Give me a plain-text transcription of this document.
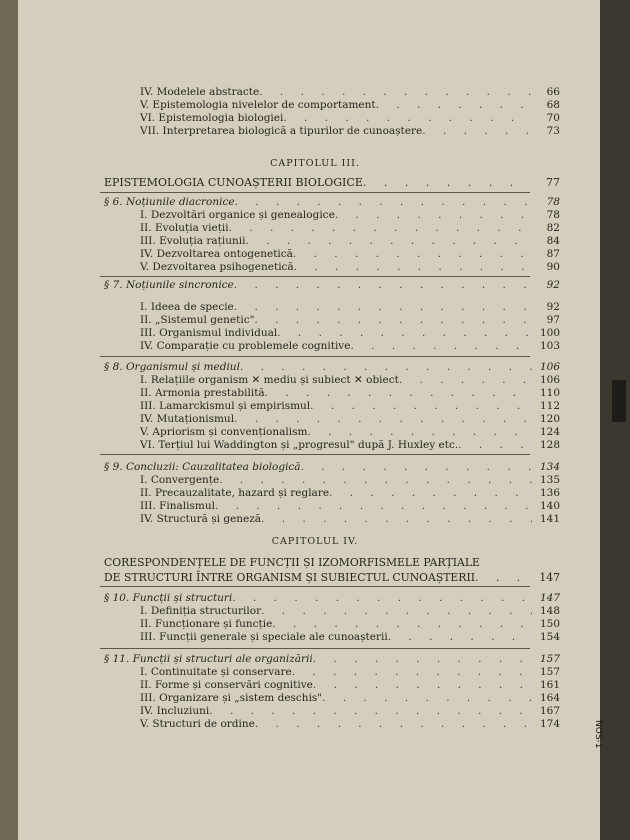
NOS-1
CAPITOLUL III.
CAPITOLUL IV.
IV. Modelele abstracte . . .	66
V. Epistemologia nivelelor de comportament . . .	68
VI. Epistemologia biologiei . . .	70
VII. Interpretarea biologică a tipurilor de cunoaștere . . .	73
EPISTEMOLOGIA CUNOAȘTERII BIOLOGICE . . .	77
§ 6. Noțiunile diacronice . . .	78
I. Dezvoltări organice și genealogice . . .	78
II. Evoluția vieții . . .	82
III. Evoluția rațiunii . . .	84
IV. Dezvoltarea ontogenetică . . .	87
V. Dezvoltarea psihogenetică . . .	90
§ 7. Noțiunile sincronice . . .	92
I. Ideea de specie . . .	92
II. „Sistemul genetic" . . .	97
III. Organismul individual . . .	100
IV. Comparație cu problemele cognitive . . .	103
§ 8. Organismul și mediul . . .	106
I. Relațiile organism ✕ mediu și subiect ✕ obiect . . .	106
II. Armonia prestabilită . . .	110
III. Lamarckismul și empirismul . . .	112
IV. Mutaționismul . . .	120
V. Apriorism și convenționalism . . .	124
VI. Terțiul lui Waddington și „progresul" după J. Huxley etc. . . .	128
§ 9. Concluzii: Cauzalitatea biologică . . .	134
I. Convergențe . . .	135
II. Precauzalitate, hazard și reglare . . .	136
III. Finalismul . . .	140
IV. Structură și geneză . . .	141
CORESPONDENȚELE DE FUNCȚII ȘI IZOMORFISMELE PARȚIALE
DE STRUCTURI ÎNTRE ORGANISM ȘI SUBIECTUL CUNOAȘTERII . . .	147
§ 10. Funcții și structuri . . .	147
I. Definiția structurilor . . .	148
II. Funcționare și funcție . . .	150
III. Funcții generale și speciale ale cunoașterii . . .	154
§ 11. Funcții și structuri ale organizării . . .	157
I. Continuitate și conservare . . .	157
II. Forme și conservări cognitive . . .	161
III. Organizare și „sistem deschis" . . .	164
IV. Incluziuni . . .	167
V. Structuri de ordine . . .	174
